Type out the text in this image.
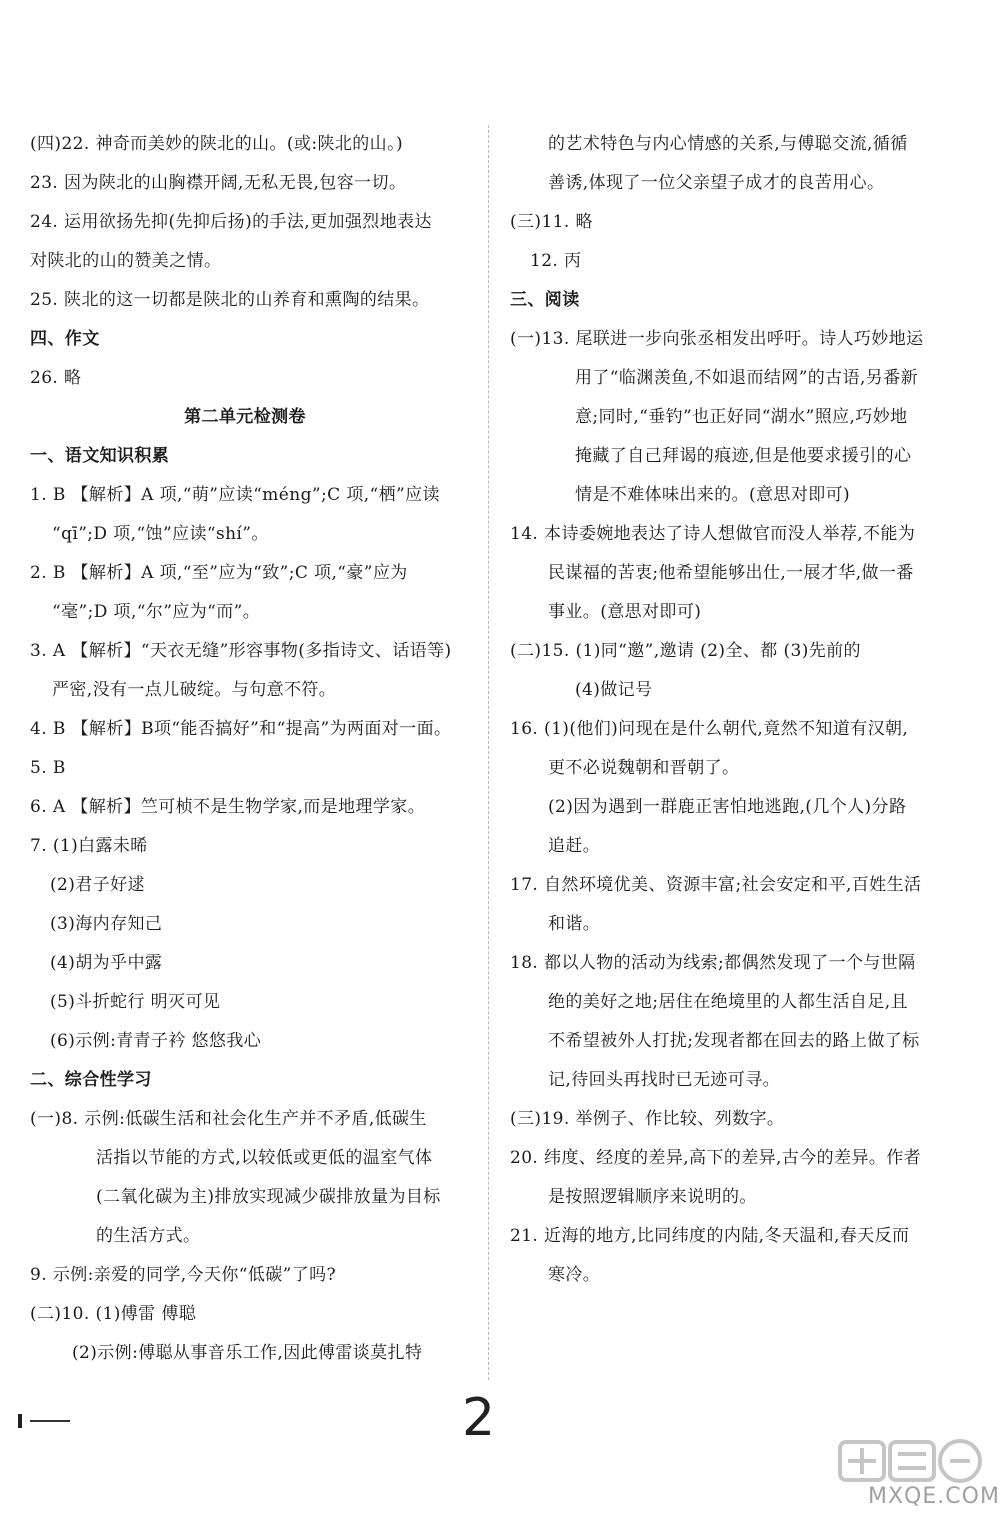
(四)22. 神奇而美妙的陕北的山。(或:陕北的山。)
23. 因为陕北的山胸襟开阔,无私无畏,包容一切。
24. 运用欲扬先抑(先抑后扬)的手法,更加强烈地表达
对陕北的山的赞美之情。
25. 陕北的这一切都是陕北的山养育和熏陶的结果。
四、作文
26. 略
第二单元检测卷
一、语文知识积累
1. B 【解析】A 项,“萌”应读“méng”;C 项,“栖”应读
“qī”;D 项,“蚀”应读“shí”。
2. B 【解析】A 项,“至”应为“致”;C 项,“豪”应为
“毫”;D 项,“尔”应为“而”。
3. A 【解析】“天衣无缝”形容事物(多指诗文、话语等)
严密,没有一点儿破绽。与句意不符。
4. B 【解析】B项“能否搞好”和“提高”为两面对一面。
5. B
6. A 【解析】竺可桢不是生物学家,而是地理学家。
7. (1)白露未晞
(2)君子好逑
(3)海内存知己
(4)胡为乎中露
(5)斗折蛇行 明灭可见
(6)示例:青青子衿 悠悠我心
二、综合性学习
(一)8. 示例:低碳生活和社会化生产并不矛盾,低碳生
活指以节能的方式,以较低或更低的温室气体
(二氧化碳为主)排放实现减少碳排放量为目标
的生活方式。
9. 示例:亲爱的同学,今天你“低碳”了吗?
(二)10. (1)傅雷 傅聪
(2)示例:傅聪从事音乐工作,因此傅雷谈莫扎特
的艺术特色与内心情感的关系,与傅聪交流,循循
善诱,体现了一位父亲望子成才的良苦用心。
(三)11. 略
12. 丙
三、阅读
(一)13. 尾联进一步向张丞相发出呼吁。诗人巧妙地运
用了“临渊羡鱼,不如退而结网”的古语,另番新
意;同时,“垂钓”也正好同“湖水”照应,巧妙地
掩藏了自己拜谒的痕迹,但是他要求援引的心
情是不难体味出来的。(意思对即可)
14. 本诗委婉地表达了诗人想做官而没人举荐,不能为
民谋福的苦衷;他希望能够出仕,一展才华,做一番
事业。(意思对即可)
(二)15. (1)同“邀”,邀请 (2)全、都 (3)先前的
(4)做记号
16. (1)(他们)问现在是什么朝代,竟然不知道有汉朝,
更不必说魏朝和晋朝了。
(2)因为遇到一群鹿正害怕地逃跑,(几个人)分路
追赶。
17. 自然环境优美、资源丰富;社会安定和平,百姓生活
和谐。
18. 都以人物的活动为线索;都偶然发现了一个与世隔
绝的美好之地;居住在绝境里的人都生活自足,且
不希望被外人打扰;发现者都在回去的路上做了标
记,待回头再找时已无迹可寻。
(三)19. 举例子、作比较、列数字。
20. 纬度、经度的差异,高下的差异,古今的差异。作者
是按照逻辑顺序来说明的。
21. 近海的地方,比同纬度的内陆,冬天温和,春天反而
寒冷。
2
MXQE.COM
